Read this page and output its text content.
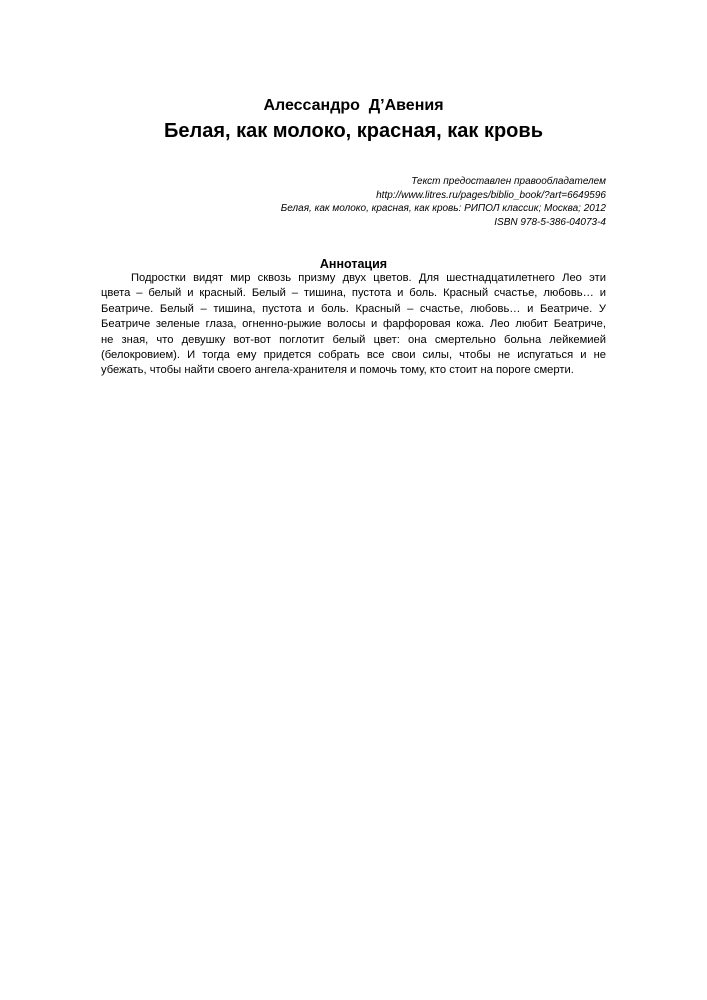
Алессандро  Д’Авения
Белая, как молоко, красная, как кровь
Текст предоставлен правообладателем
http://www.litres.ru/pages/biblio_book/?art=6649596
Белая, как молоко, красная, как кровь: РИПОЛ классик; Москва; 2012
ISBN 978-5-386-04073-4
Аннотация
Подростки видят мир сквозь призму двух цветов. Для шестнадцатилетнего Лео эти
цвета – белый и красный. Белый – тишина, пустота и боль. Красный счастье, любовь… и
Беатриче. Белый – тишина, пустота и боль. Красный – счастье, любовь… и Беатриче. У
Беатриче зеленые глаза, огненно-рыжие волосы и фарфоровая кожа. Лео любит Беатриче,
не зная, что девушку вот-вот поглотит белый цвет: она смертельно больна лейкемией
(белокровием). И тогда ему придется собрать все свои силы, чтобы не испугаться и не
убежать, чтобы найти своего ангела-хранителя и помочь тому, кто стоит на пороге смерти.
